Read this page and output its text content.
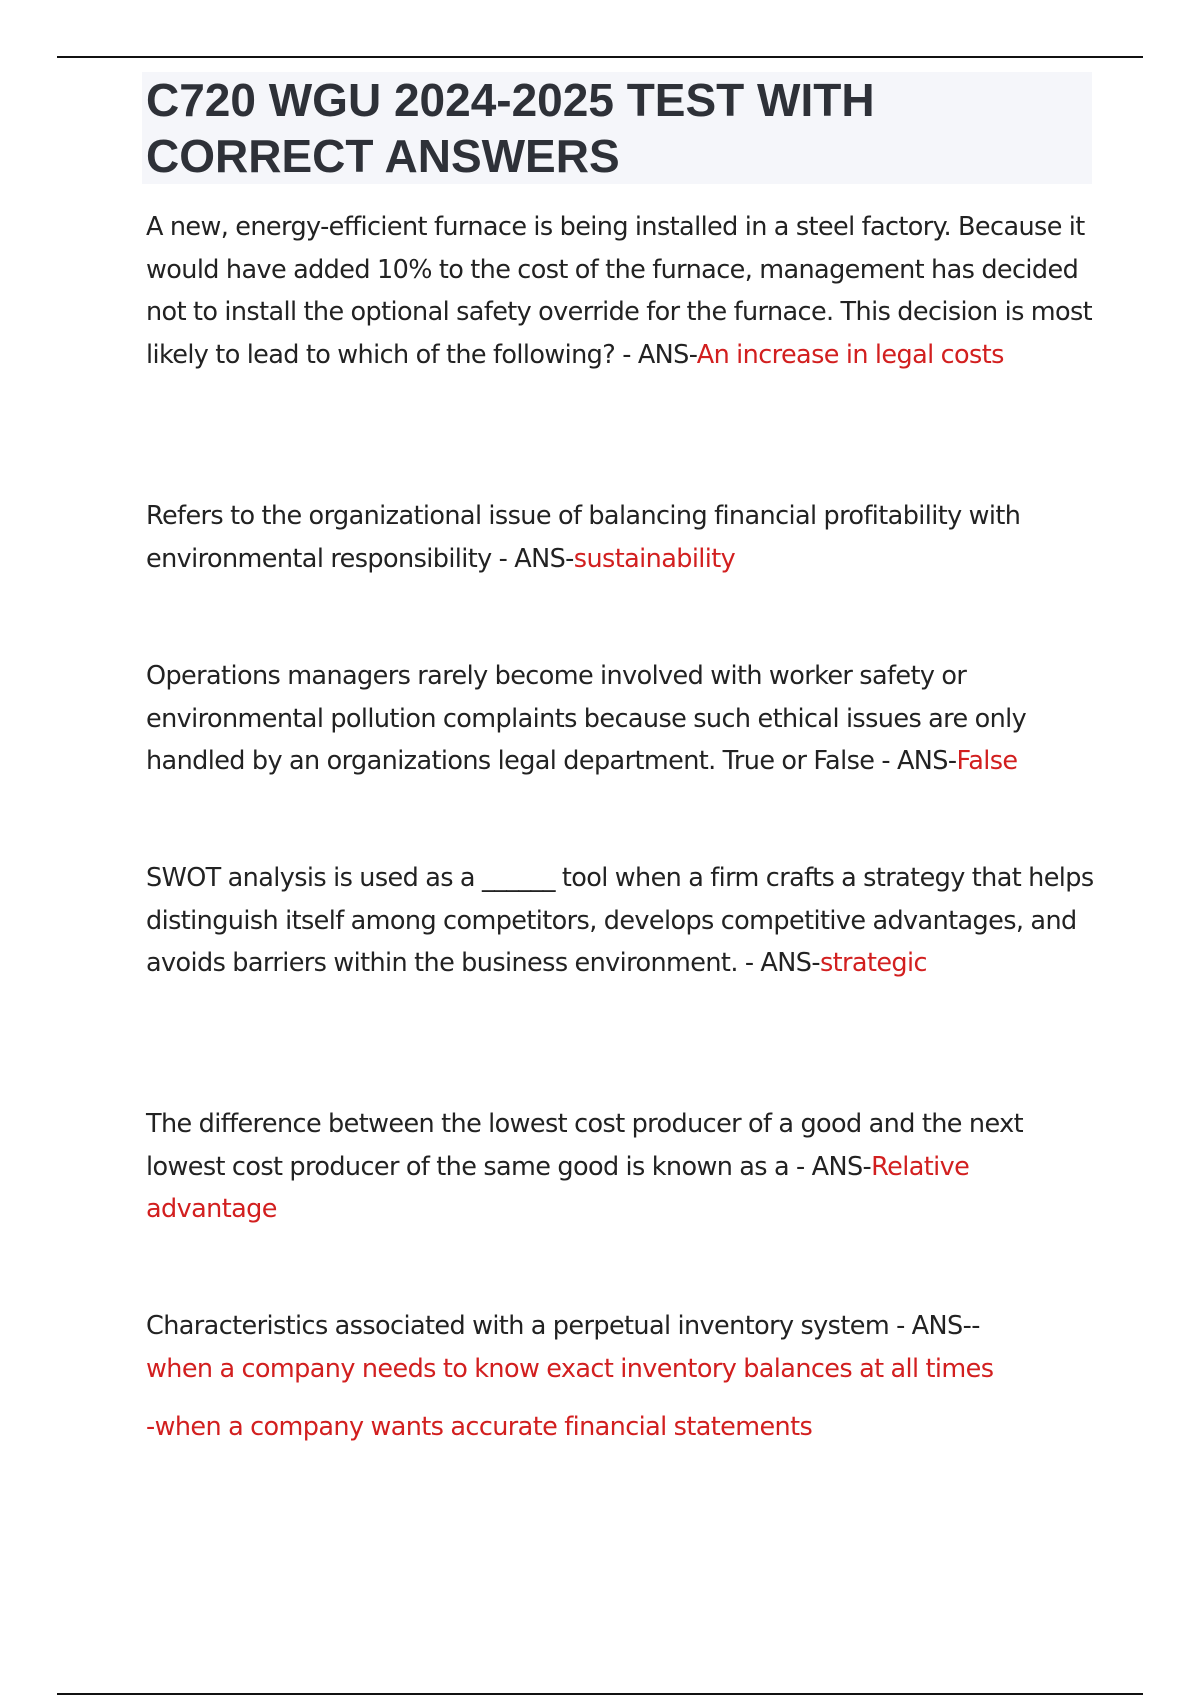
C720 WGU 2024-2025 TEST WITH CORRECT ANSWERS

A new, energy-efficient furnace is being installed in a steel factory. Because it would have added 10% to the cost of the furnace, management has decided not to install the optional safety override for the furnace. This decision is most likely to lead to which of the following? - ANS-An increase in legal costs

Refers to the organizational issue of balancing financial profitability with environmental responsibility - ANS-sustainability

Operations managers rarely become involved with worker safety or environmental pollution complaints because such ethical issues are only handled by an organizations legal department. True or False - ANS-False

SWOT analysis is used as a ______ tool when a firm crafts a strategy that helps distinguish itself among competitors, develops competitive advantages, and avoids barriers within the business environment. - ANS-strategic

The difference between the lowest cost producer of a good and the next lowest cost producer of the same good is known as a - ANS-Relative advantage

Characteristics associated with a perpetual inventory system - ANS--
when a company needs to know exact inventory balances at all times
-when a company wants accurate financial statements
